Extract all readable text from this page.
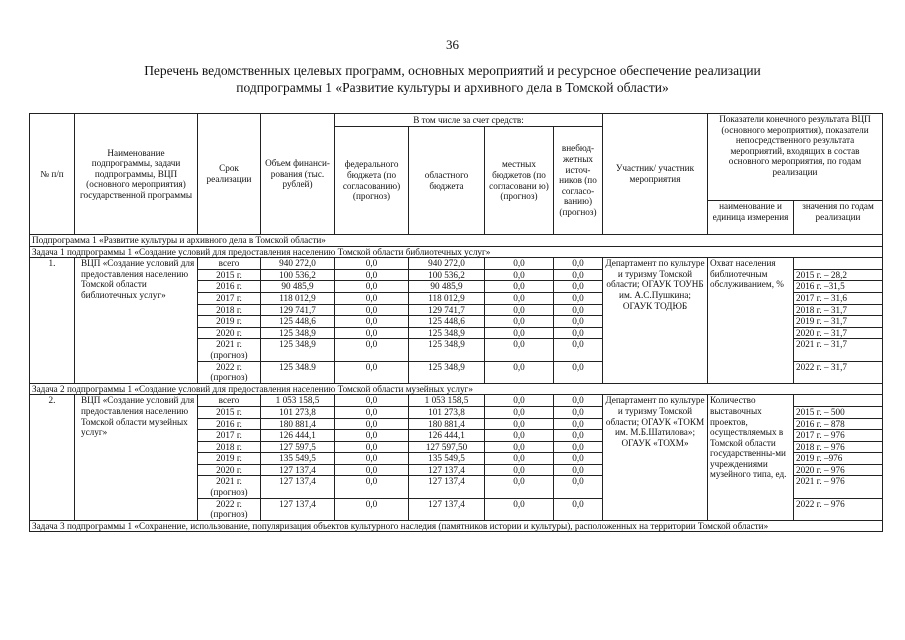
36
Перечень ведомственных целевых программ, основных мероприятий и ресурсное обеспечение реализации
подпрограммы 1 «Развитие культуры и архивного дела в Томской области»
№ п/п	Наименование подпрограммы, задачи подпрограммы, ВЦП (основного мероприятия) государственной программы	Срок реализации	Объем финанси-рования (тыс. рублей)	В том числе за счет средств:				Участник/ участник мероприятия	Показатели конечного результата ВЦП (основного мероприятия), показатели непосредственного результата мероприятий, входящих в состав основного мероприятия, по годам реализации	
				федерального бюджета (по согласованию) (прогноз)	областного бюджета	местных бюджетов (по согласовани ю) (прогноз)	внебюд-жетных источ-ников (по согласо-ванию) (прогноз)			
									наименование и единица измерения	значения по годам реализации
Подпрограмма 1 «Развитие культуры и архивного дела в Томской области»										
Задача 1 подпрограммы 1 «Создание условий для предоставления населению Томской области библиотечных услуг»										
1.	ВЦП «Создание условий для предоставления населению Томской области библиотечных услуг»	всего	940 272,0	0,0	940 272,0	0,0	0,0	Департамент по культуре и туризму Томской области; ОГАУК ТОУНБ им. А.С.Пушкина; ОГАУК ТОДЮБ	Охват населения библиотечным обслуживанием, %	
		2015 г.	100 536,2	0,0	100 536,2	0,0	0,0			2015 г. – 28,2
		2016 г.	90 485,9	0,0	90 485,9	0,0	0,0			2016 г. –31,5
		2017 г.	118 012,9	0,0	118 012,9	0,0	0,0			2017 г. – 31,6
		2018 г.	129 741,7	0,0	129 741,7	0,0	0,0			2018 г. – 31,7
		2019 г.	125 448,6	0,0	125 448,6	0,0	0,0			2019 г. – 31,7
		2020 г.	125 348,9	0,0	125 348,9	0,0	0,0			2020 г. – 31,7
		2021 г. (прогноз)	125 348,9	0,0	125 348,9	0,0	0,0			2021 г. – 31,7
		2022 г. (прогноз)	125 348.9	0,0	125 348,9	0,0	0,0			2022 г. – 31,7
Задача 2 подпрограммы 1 «Создание условий для предоставления населению Томской области музейных услуг»										
2.	ВЦП «Создание условий для предоставления населению Томской области музейных услуг»	всего	1 053 158,5	0,0	1 053 158,5	0,0	0,0	Департамент по культуре и туризму Томской области; ОГАУК «ТОКМ им. М.Б.Шатилова»; ОГАУК «ТОХМ»	Количество выставочных проектов, осуществляемых в Томской области государственны-ми учреждениями музейного типа, ед.	
		2015 г.	101 273,8	0,0	101 273,8	0,0	0,0			2015 г. – 500
		2016 г.	180 881,4	0,0	180 881,4	0,0	0,0			2016 г. – 878
		2017 г.	126 444,1	0,0	126 444,1	0,0	0,0			2017 г. – 976
		2018 г.	127 597,5	0,0	127 597,50	0,0	0,0			2018 г. – 976
		2019 г.	135 549,5	0,0	135 549,5	0,0	0,0			2019 г. –976
		2020 г.	127 137,4	0,0	127 137,4	0,0	0,0			2020 г. – 976
		2021 г. (прогноз)	127 137,4	0,0	127 137,4	0,0	0,0			2021 г. – 976
		2022 г. (прогноз)	127 137,4	0,0	127 137,4	0,0	0,0			2022 г. – 976
Задача 3 подпрограммы 1 «Сохранение, использование, популяризация объектов культурного наследия (памятников истории и культуры), расположенных на территории Томской области»										
